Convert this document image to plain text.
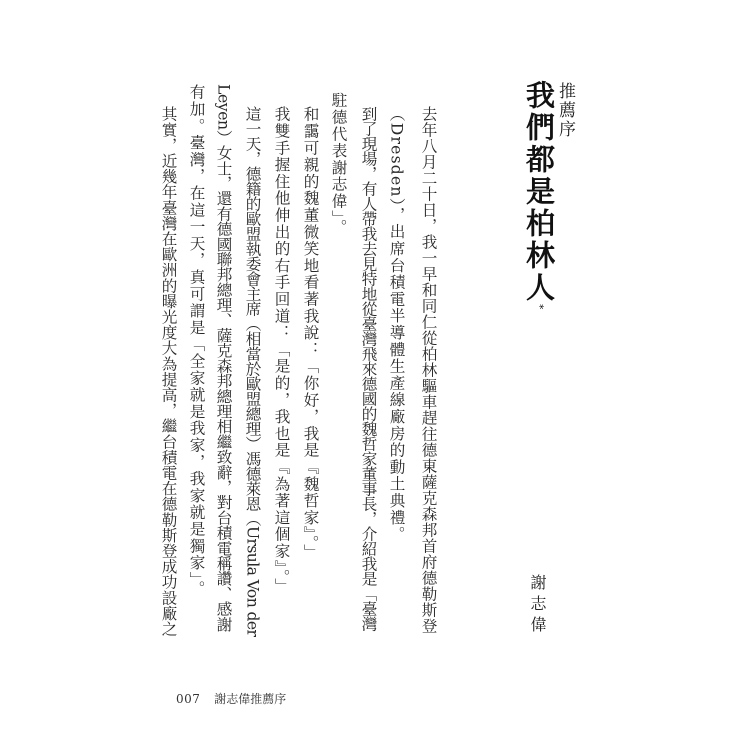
推薦序
我們都是柏林人*
謝志偉
去年八月二十日，我一早和同仁從柏林驅車趕往德東薩克森邦首府德勒斯登
（Dresden），出席台積電半導體生產線廠房的動土典禮。
到了現場，有人帶我去見特地從臺灣飛來德國的魏哲家董事長，介紹我是「臺灣
駐德代表謝志偉」。
和靄可親的魏董微笑地看著我說：「你好，我是『魏哲家』。」
我雙手握住他伸出的右手回道：「是的，我也是『為著這個家』。」
這一天，德籍的歐盟執委會主席（相當於歐盟總理）馮德萊恩（Ursula Von der
Leyen）女士，還有德國聯邦總理、薩克森邦總理相繼致辭，對台積電稱讚、感謝
有加。臺灣，在這一天，真可謂是「全家就是我家，我家就是獨家」。
其實，近幾年臺灣在歐洲的曝光度大為提高，繼台積電在德勒斯登成功設廠之
007 謝志偉推薦序
